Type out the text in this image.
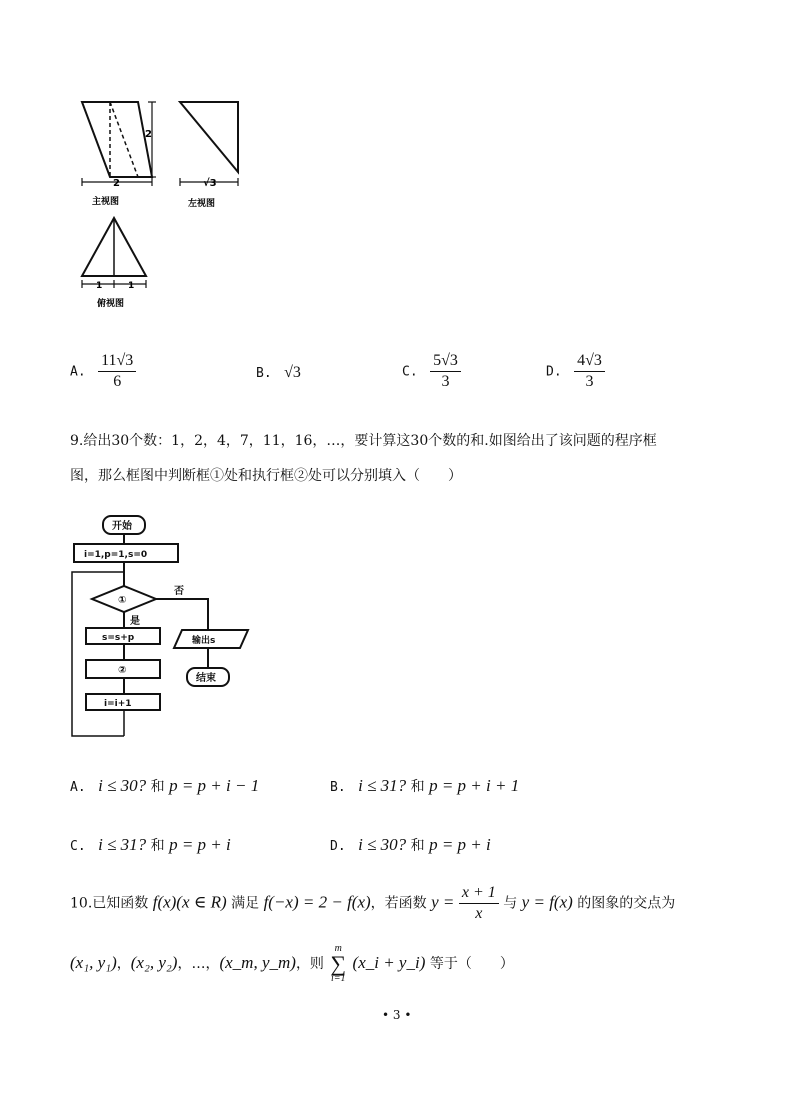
2
2
主视图
√3
左视图
1	1
俯视图
A. $\frac{11√3}{6}$	B. √3	C. $\frac{5√3}{3}$	D. $\frac{4√3}{3}$
9.给出30个数：1，2，4，7，11，16，…，要计算这30个数的和.如图给出了该问题的程序框
图，那么框图中判断框①处和执行框②处可以分别填入（　　）
开始
i=1,p=1,s=0
①
否
是
s=s+p
②
i=i+1
输出s
结束
A. i ≤ 30? 和 p = p + i − 1	B. i ≤ 31? 和 p = p + i + 1
C. i ≤ 31? 和 p = p + i	D. i ≤ 30? 和 p = p + i
10.已知函数 f(x)(x ∈ R) 满足 f(−x) = 2 − f(x)，若函数 $y = \frac{x + 1}{x}$ 与 y = f(x) 的图象的交点为
(x₁, y₁)，(x₂, y₂)，…，(x_m, y_m)，则
m
∑
i=1
(x_i + y_i) 等于（　　）
• 3 •
